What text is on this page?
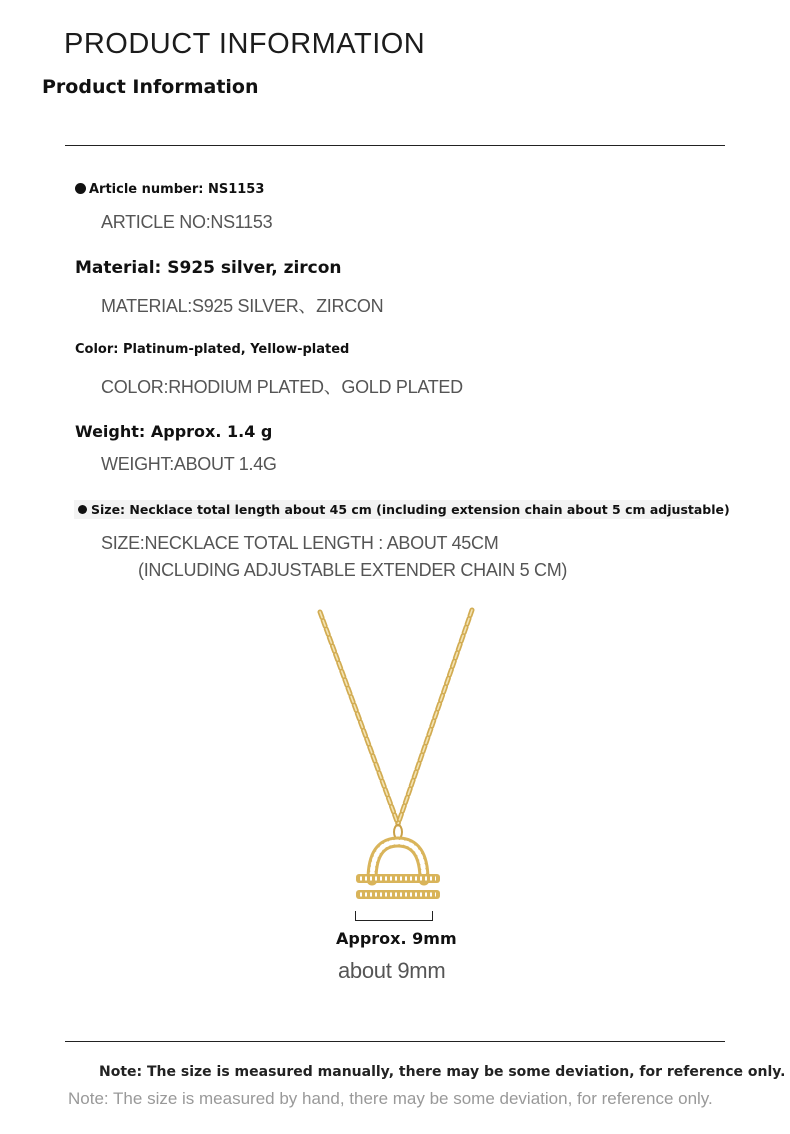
PRODUCT INFORMATION
Product Information
Article number: NS1153
ARTICLE NO:NS1153
Material: S925 silver, zircon
MATERIAL:S925 SILVER、ZIRCON
Color: Platinum-plated, Yellow-plated
COLOR:RHODIUM PLATED、GOLD PLATED
Weight: Approx. 1.4 g
WEIGHT:ABOUT 1.4G
Size: Necklace total length about 45 cm (including extension chain about 5 cm adjustable)
SIZE:NECKLACE TOTAL LENGTH : ABOUT 45CM
(INCLUDING ADJUSTABLE EXTENDER CHAIN 5 CM)
Approx. 9mm
about 9mm
Note: The size is measured manually, there may be some deviation, for reference only.
Note: The size is measured by hand, there may be some deviation, for reference only.
